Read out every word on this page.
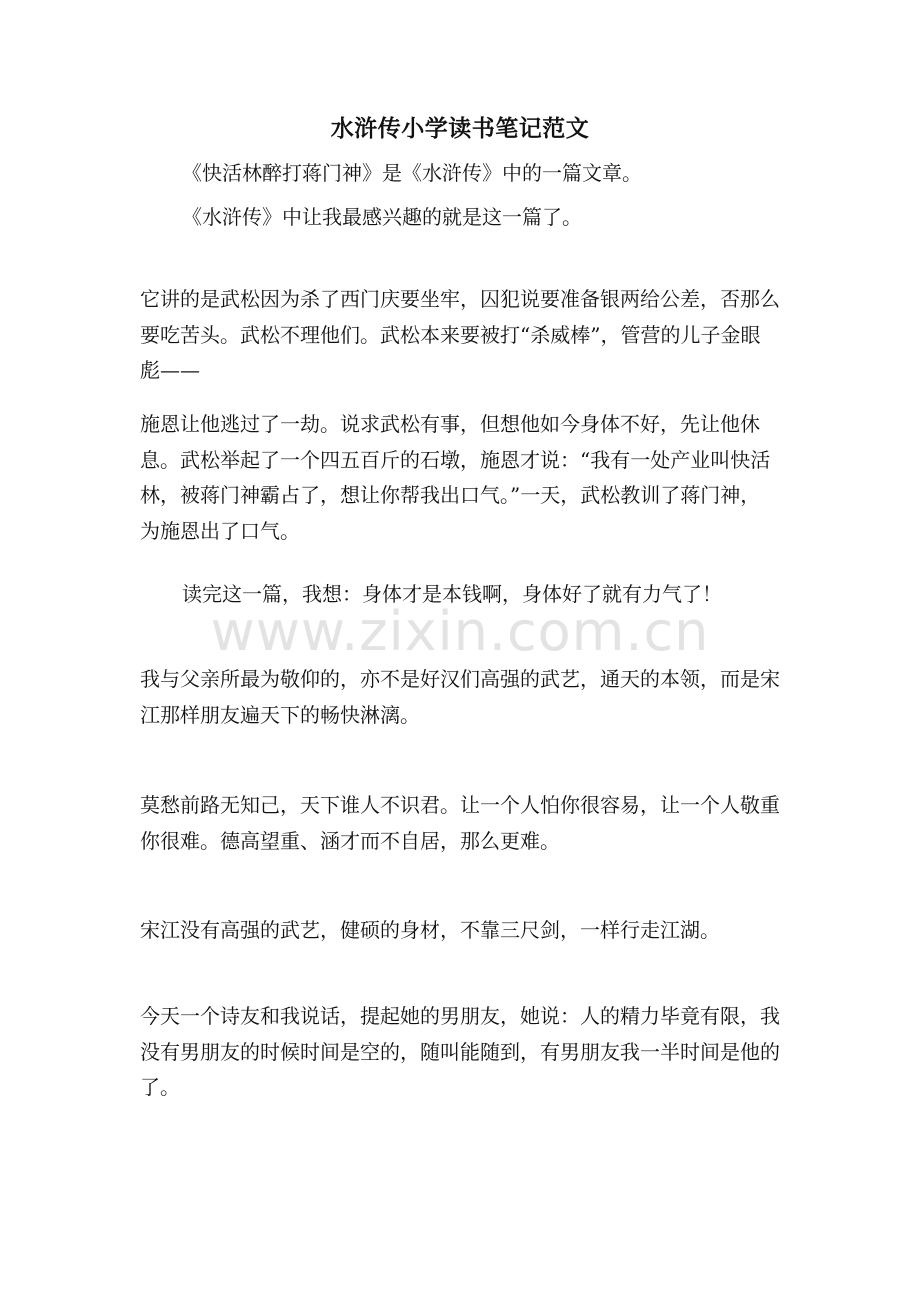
www.zixin.com.cn
水浒传小学读书笔记范文

《快活林醉打蒋门神》是《水浒传》中的一篇文章。

《水浒传》中让我最感兴趣的就是这一篇了。

它讲的是武松因为杀了西门庆要坐牢，囚犯说要准备银两给公差，否那么要吃苦头。武松不理他们。武松本来要被打“杀威棒”，管营的儿子金眼彪——

施恩让他逃过了一劫。说求武松有事，但想他如今身体不好，先让他休息。武松举起了一个四五百斤的石墩，施恩才说：“我有一处产业叫快活林，被蒋门神霸占了，想让你帮我出口气。”一天，武松教训了蒋门神，为施恩出了口气。

读完这一篇，我想：身体才是本钱啊，身体好了就有力气了！

我与父亲所最为敬仰的，亦不是好汉们高强的武艺，通天的本领，而是宋江那样朋友遍天下的畅快淋漓。

莫愁前路无知己，天下谁人不识君。让一个人怕你很容易，让一个人敬重你很难。德高望重、涵才而不自居，那么更难。

宋江没有高强的武艺，健硕的身材，不靠三尺剑，一样行走江湖。

今天一个诗友和我说话，提起她的男朋友，她说：人的精力毕竟有限，我没有男朋友的时候时间是空的，随叫能随到，有男朋友我一半时间是他的了。
